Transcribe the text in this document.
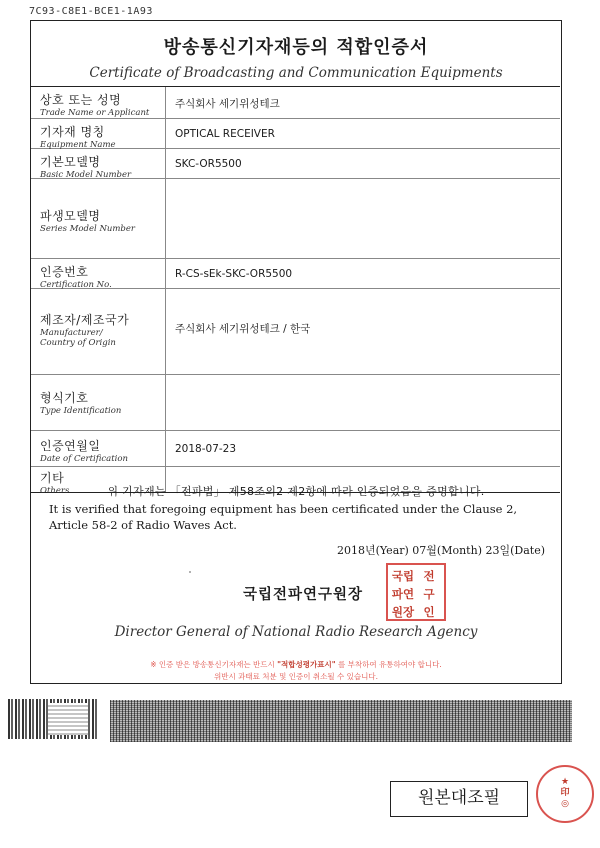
7C93-C8E1-BCE1-1A93
방송통신기자재등의 적합인증서
Certificate of Broadcasting and Communication Equipments
상호 또는 성명
Trade Name or Applicant
주식회사 세기위성테크
기자재 명칭
Equipment Name
OPTICAL RECEIVER
기본모델명
Basic Model Number
SKC-OR5500
파생모델명
Series Model Number
인증번호
Certification No.
R-CS-sEk-SKC-OR5500
제조자/제조국가
Manufacturer/
Country of Origin
주식회사 세기위성테크 / 한국
형식기호
Type Identification
인증연월일
Date of Certification
2018-07-23
기타
Others	위 기자재는 「전파법」 제58조의2 제2항에 따라 인증되었음을 증명합니다.
It is verified that foregoing equipment has been certificated under the Clause 2, Article 58-2 of Radio Waves Act.
2018년(Year) 07월(Month) 23일(Date)
국립전파연구원장
국립 전
파연 구
원장 인
Director General of National Radio Research Agency
※ 인증 받은 방송통신기자재는 반드시 "적합성평가표시" 를 부착하여 유통하여야 합니다.
위반시 과태료 처분 및 인증이 취소될 수 있습니다.
원본대조필
★
印
◎
